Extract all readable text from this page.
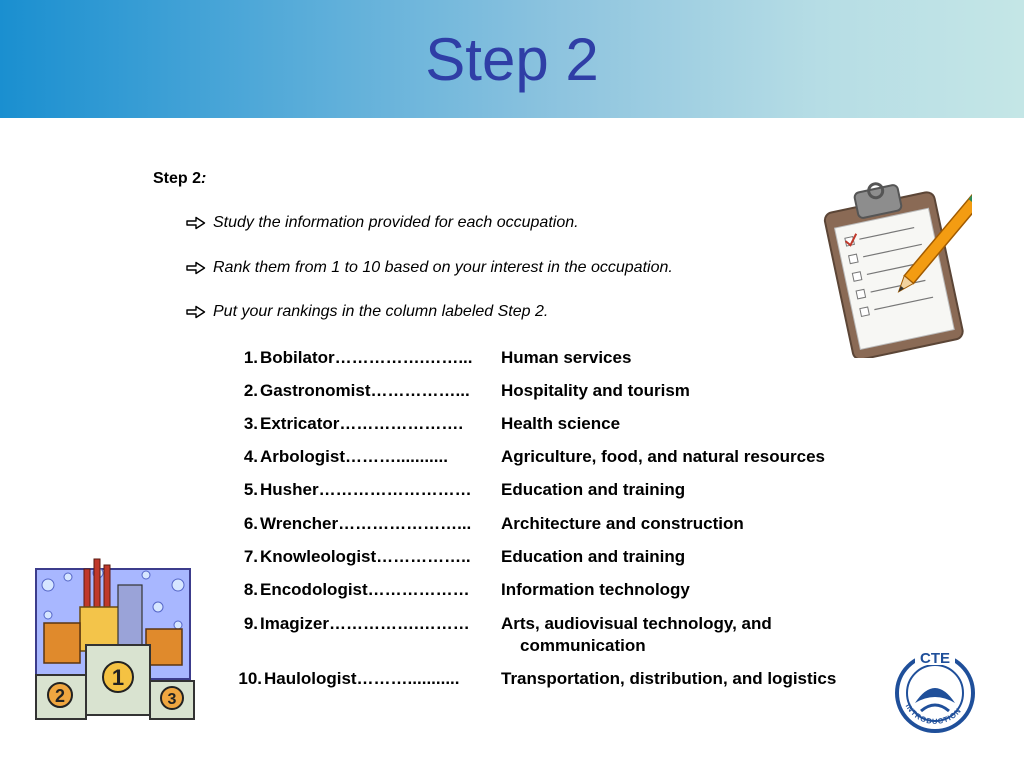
Step 2
Step 2:
Study the information provided for each occupation.
Rank them from 1 to 10 based on your interest in the occupation.
Put your rankings in the column labeled Step 2.
1. Bobilator…………….……... Human services
2. Gastronomist……………... Hospitality and tourism
3. Extricator…………………. Health science
4. Arbologist………...........	Agriculture, food, and natural resources
5. Husher……………………… Education and training
6. Wrencher…………………... Architecture and construction
7. Knowleologist…………….. Education and training
8. Encodologist……………… Information technology
9. Imagizer…………….……… Arts, audiovisual technology, and
communication
10. Haulologist………........... Transportation, distribution, and logistics
1
2	3
CTE
INTRODUCTION
